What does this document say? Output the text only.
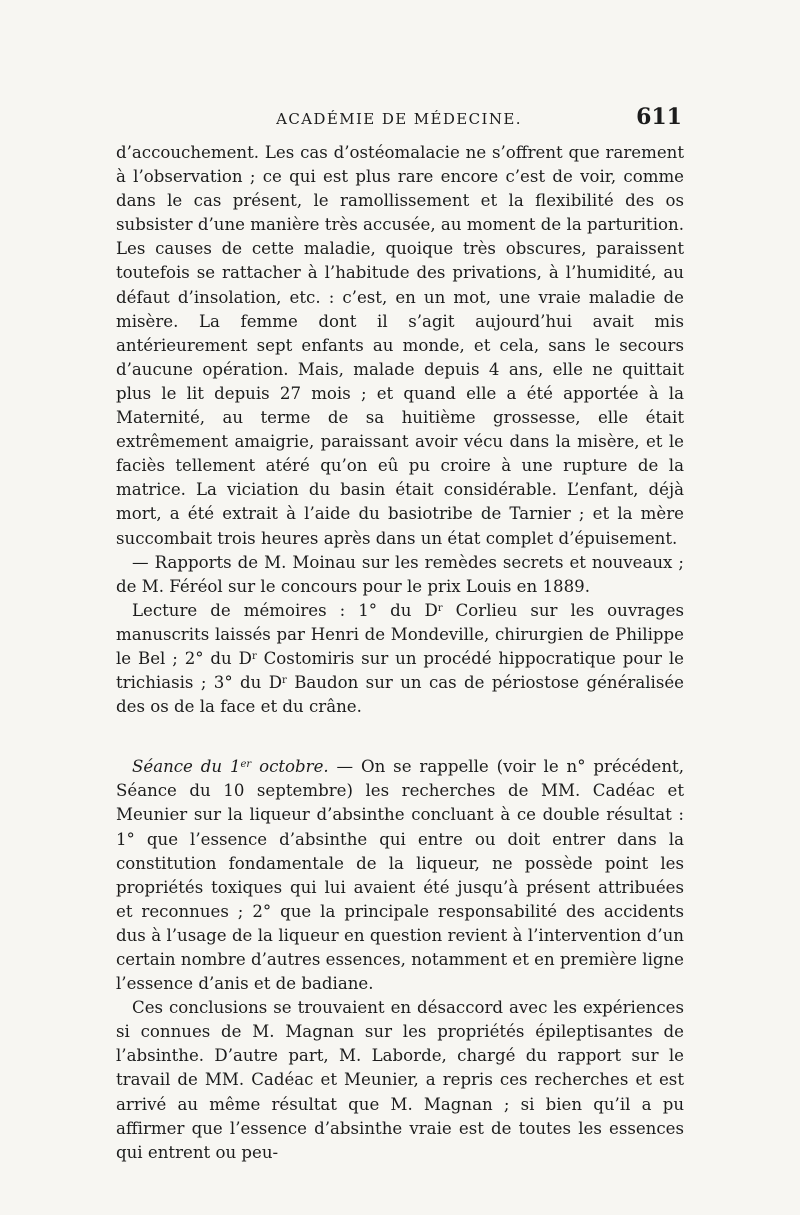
ACADÉMIE DE MÉDECINE.	611

d’accouchement. Les cas d’ostéomalacie ne s’offrent que rarement à l’observation ; ce qui est plus rare encore c’est de voir, comme dans le cas présent, le ramollissement et la flexibilité des os subsister d’une manière très accusée, au moment de la parturition. Les causes de cette maladie, quoique très obscures, paraissent toutefois se rattacher à l’habitude des privations, à l’humidité, au défaut d’insolation, etc. : c’est, en un mot, une vraie maladie de misère. La femme dont il s’agit aujourd’hui avait mis antérieurement sept enfants au monde, et cela, sans le secours d’aucune opération. Mais, malade depuis 4 ans, elle ne quittait plus le lit depuis 27 mois ; et quand elle a été apportée à la Maternité, au terme de sa huitième grossesse, elle était extrêmement amaigrie, paraissant avoir vécu dans la misère, et le faciès tellement atéré qu’on eû pu croire à une rupture de la matrice. La viciation du basin était considérable. L’enfant, déjà mort, a été extrait à l’aide du basiotribe de Tarnier ; et la mère succombait trois heures après dans un état complet d’épuisement.

— Rapports de M. Moinau sur les remèdes secrets et nouveaux ; de M. Féréol sur le concours pour le prix Louis en 1889.

Lecture de mémoires : 1° du $D^r$ Corlieu sur les ouvrages manuscrits laissés par Henri de Mondeville, chirurgien de Philippe le Bel ; 2° du $D^r$ Costomiris sur un procédé hippocratique pour le trichiasis ; 3° du $D^r$ Baudon sur un cas de périostose généralisée des os de la face et du crâne.

Séance du 1er octobre. — On se rappelle (voir le n° précédent, Séance du 10 septembre) les recherches de MM. Cadéac et Meunier sur la liqueur d’absinthe concluant à ce double résultat : 1° que l’essence d’absinthe qui entre ou doit entrer dans la constitution fondamentale de la liqueur, ne possède point les propriétés toxiques qui lui avaient été jusqu’à présent attribuées et reconnues ; 2° que la principale responsabilité des accidents dus à l’usage de la liqueur en question revient à l’intervention d’un certain nombre d’autres essences, notamment et en première ligne l’essence d’anis et de badiane.

Ces conclusions se trouvaient en désaccord avec les expériences si connues de M. Magnan sur les propriétés épileptisantes de l’absinthe. D’autre part, M. Laborde, chargé du rapport sur le travail de MM. Cadéac et Meunier, a repris ces recherches et est arrivé au même résultat que M. Magnan ; si bien qu’il a pu affirmer que l’essence d’absinthe vraie est de toutes les essences qui entrent ou peu-
